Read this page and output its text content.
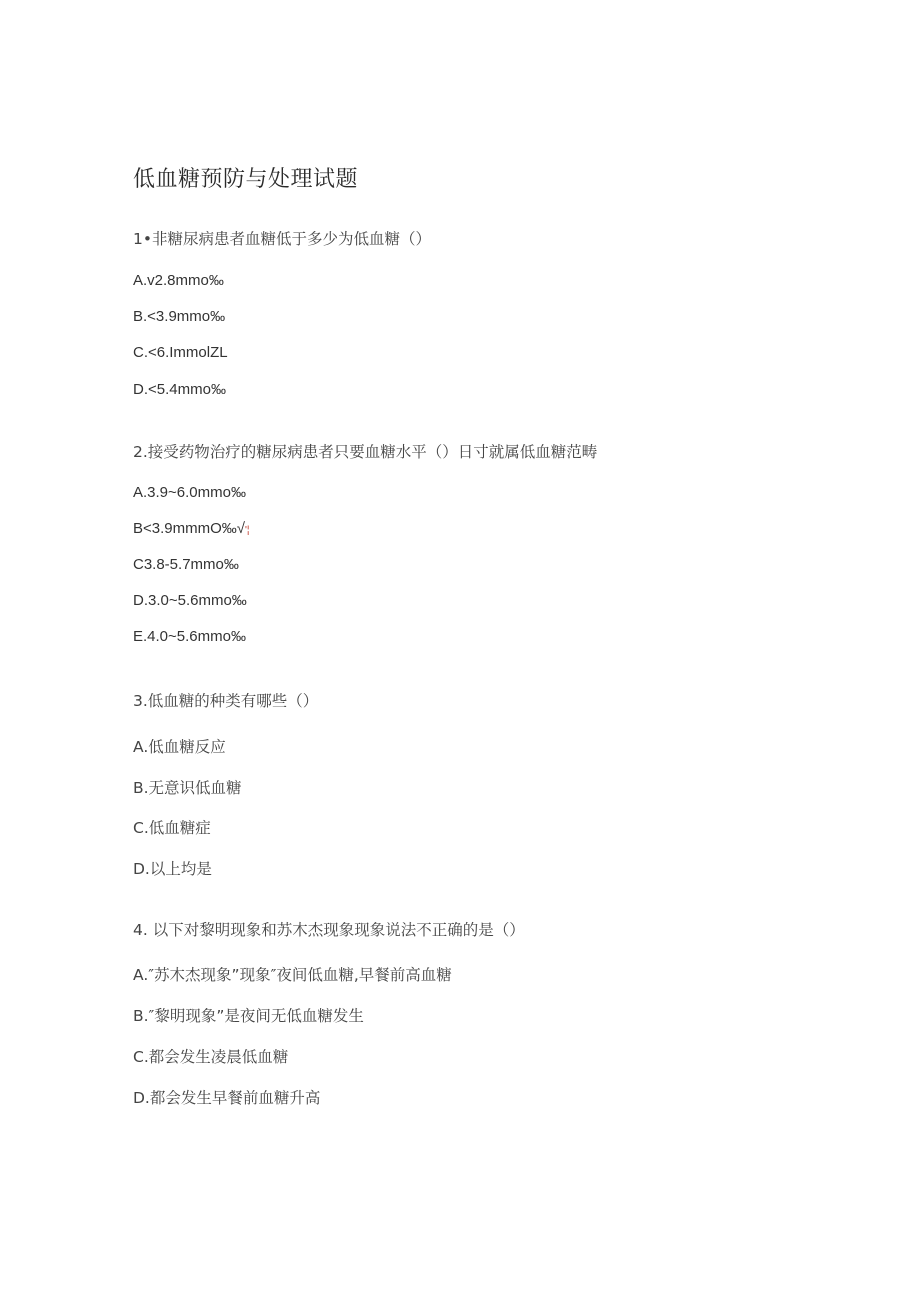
低血糖预防与处理试题
1•非糖尿病患者血糖低于多少为低血糖（）
A.v2.8mmo‰
B.<3.9mmo‰
C.<6.ImmolZL
D.<5.4mmo‰
2.接受药物治疗的糖尿病患者只要血糖水平（）日寸就属低血糖范畴
A.3.9~6.0mmo‰
B<3.9mmmO‰√'¦
C3.8-5.7mmo‰
D.3.0~5.6mmo‰
E.4.0~5.6mmo‰
3.低血糖的种类有哪些（）
A.低血糖反应
B.无意识低血糖
C.低血糖症
D.以上均是
4. 以下对黎明现象和苏木杰现象现象说法不正确的是（）
A.″苏木杰现象”现象″夜间低血糖,早餐前高血糖
B.″黎明现象”是夜间无低血糖发生
C.都会发生凌晨低血糖
D.都会发生早餐前血糖升高
